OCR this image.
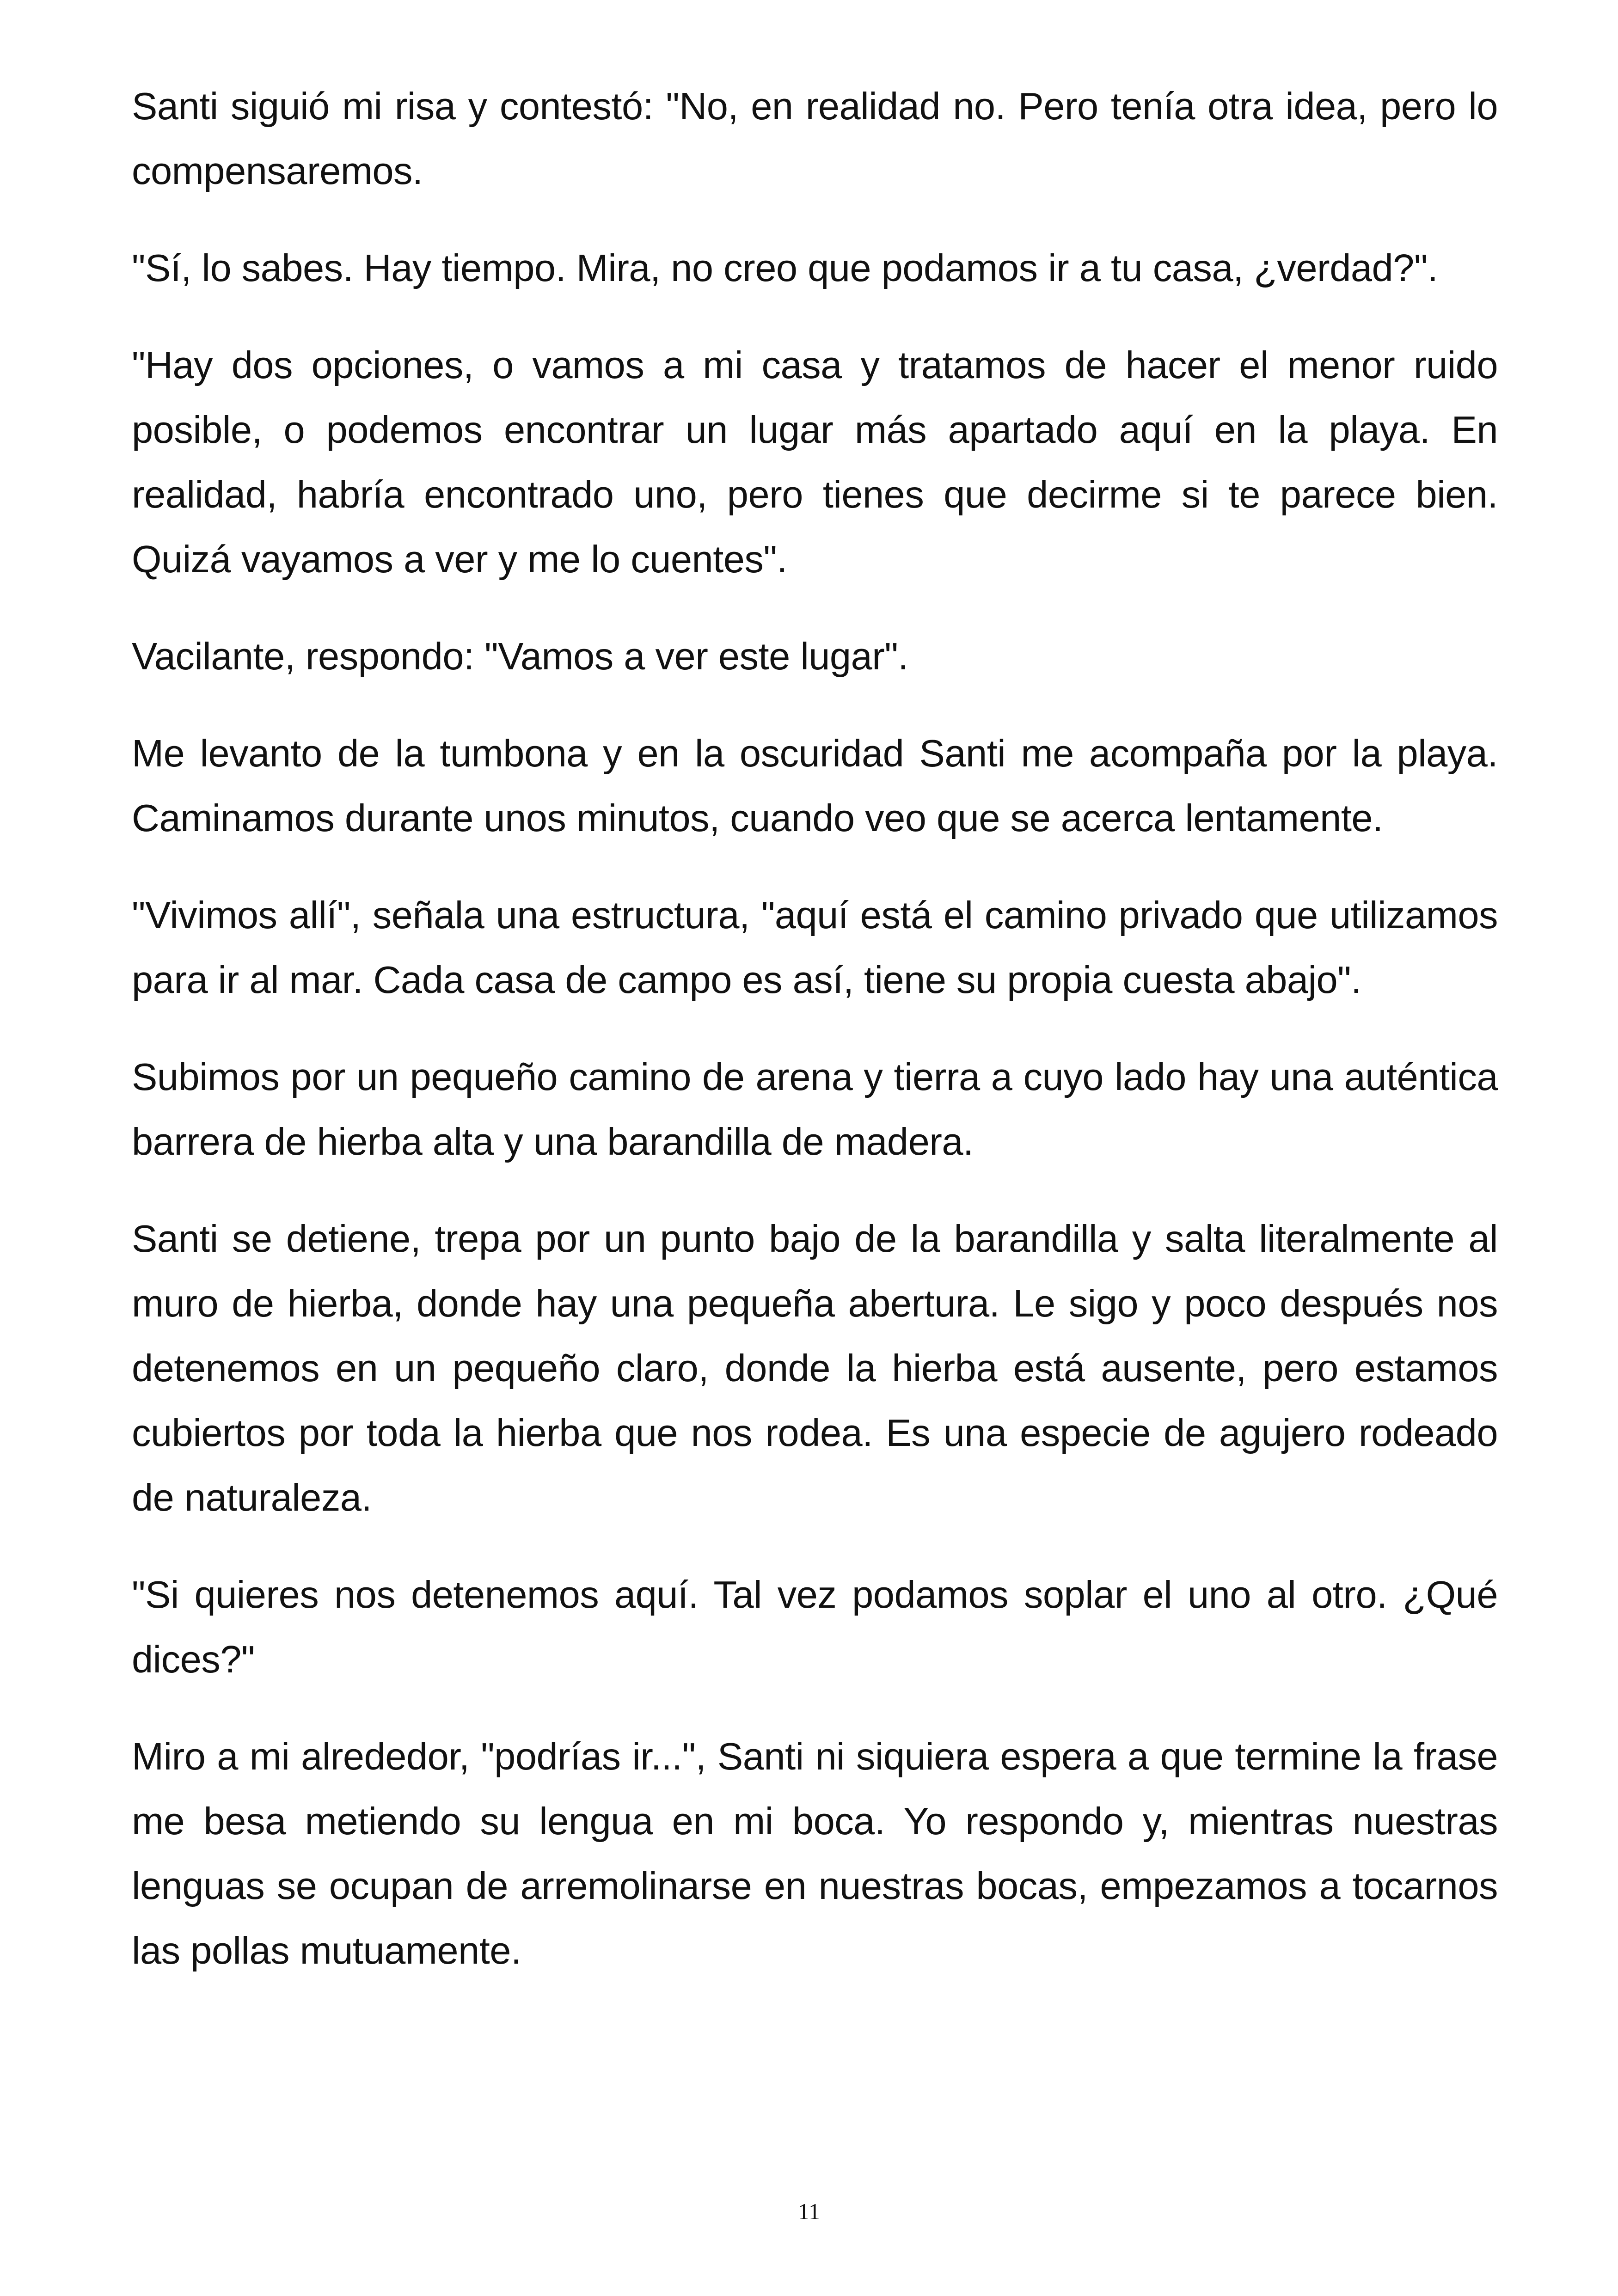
Santi siguió mi risa y contestó: "No, en realidad no. Pero tenía otra idea, pero lo compensaremos.

"Sí, lo sabes. Hay tiempo. Mira, no creo que podamos ir a tu casa, ¿verdad?".

"Hay dos opciones, o vamos a mi casa y tratamos de hacer el menor ruido posible, o podemos encontrar un lugar más apartado aquí en la playa. En realidad, habría encontrado uno, pero tienes que decirme si te parece bien. Quizá vayamos a ver y me lo cuentes".

Vacilante, respondo: "Vamos a ver este lugar".

Me levanto de la tumbona y en la oscuridad Santi me acompaña por la playa. Caminamos durante unos minutos, cuando veo que se acerca lentamente.

"Vivimos allí", señala una estructura, "aquí está el camino privado que utilizamos para ir al mar. Cada casa de campo es así, tiene su propia cuesta abajo".

Subimos por un pequeño camino de arena y tierra a cuyo lado hay una auténtica barrera de hierba alta y una barandilla de madera.

Santi se detiene, trepa por un punto bajo de la barandilla y salta literalmente al muro de hierba, donde hay una pequeña abertura. Le sigo y poco después nos detenemos en un pequeño claro, donde la hierba está ausente, pero estamos cubiertos por toda la hierba que nos rodea. Es una especie de agujero rodeado de naturaleza.

"Si quieres nos detenemos aquí. Tal vez podamos soplar el uno al otro. ¿Qué dices?"

Miro a mi alrededor, "podrías ir...", Santi ni siquiera espera a que termine la frase me besa metiendo su lengua en mi boca. Yo respondo y, mientras nuestras lenguas se ocupan de arremolinarse en nuestras bocas, empezamos a tocarnos las pollas mutuamente.

11
